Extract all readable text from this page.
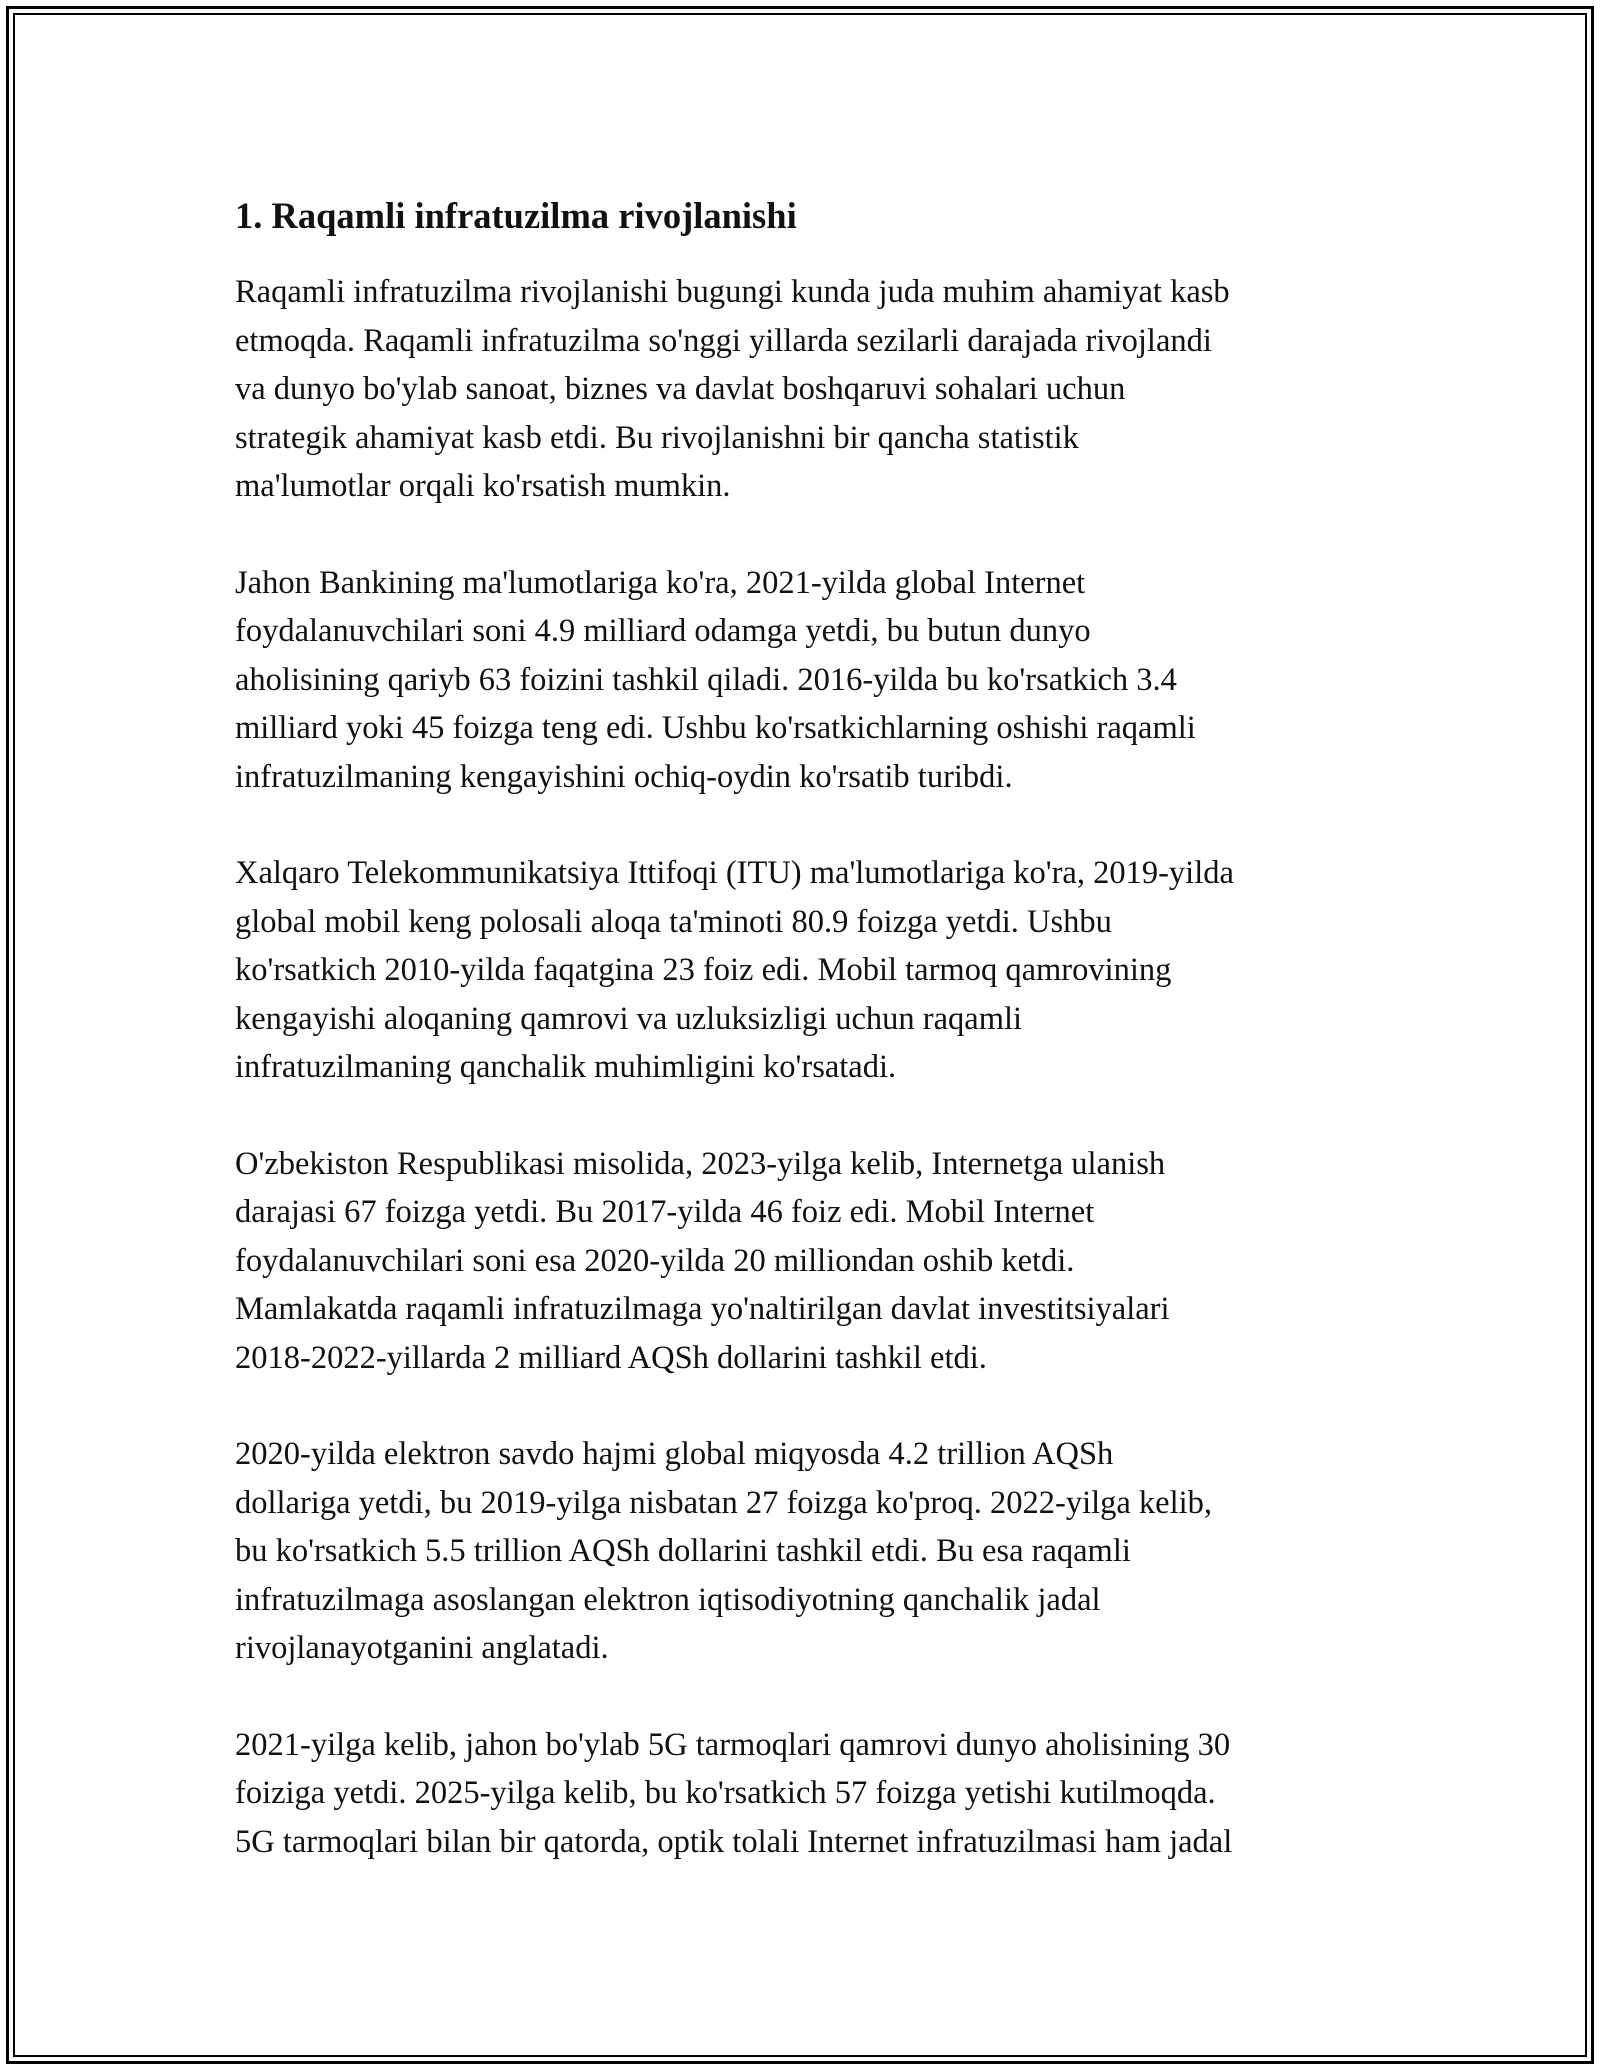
1. Raqamli infratuzilma rivojlanishi

Raqamli infratuzilma rivojlanishi bugungi kunda juda muhim ahamiyat kasb
etmoqda. Raqamli infratuzilma so'nggi yillarda sezilarli darajada rivojlandi
va dunyo bo'ylab sanoat, biznes va davlat boshqaruvi sohalari uchun
strategik ahamiyat kasb etdi. Bu rivojlanishni bir qancha statistik
ma'lumotlar orqali ko'rsatish mumkin.

Jahon Bankining ma'lumotlariga ko'ra, 2021-yilda global Internet
foydalanuvchilari soni 4.9 milliard odamga yetdi, bu butun dunyo
aholisining qariyb 63 foizini tashkil qiladi. 2016-yilda bu ko'rsatkich 3.4
milliard yoki 45 foizga teng edi. Ushbu ko'rsatkichlarning oshishi raqamli
infratuzilmaning kengayishini ochiq-oydin ko'rsatib turibdi.

Xalqaro Telekommunikatsiya Ittifoqi (ITU) ma'lumotlariga ko'ra, 2019-yilda
global mobil keng polosali aloqa ta'minoti 80.9 foizga yetdi. Ushbu
ko'rsatkich 2010-yilda faqatgina 23 foiz edi. Mobil tarmoq qamrovining
kengayishi aloqaning qamrovi va uzluksizligi uchun raqamli
infratuzilmaning qanchalik muhimligini ko'rsatadi.

O'zbekiston Respublikasi misolida, 2023-yilga kelib, Internetga ulanish
darajasi 67 foizga yetdi. Bu 2017-yilda 46 foiz edi. Mobil Internet
foydalanuvchilari soni esa 2020-yilda 20 milliondan oshib ketdi.
Mamlakatda raqamli infratuzilmaga yo'naltirilgan davlat investitsiyalari
2018-2022-yillarda 2 milliard AQSh dollarini tashkil etdi.

2020-yilda elektron savdo hajmi global miqyosda 4.2 trillion AQSh
dollariga yetdi, bu 2019-yilga nisbatan 27 foizga ko'proq. 2022-yilga kelib,
bu ko'rsatkich 5.5 trillion AQSh dollarini tashkil etdi. Bu esa raqamli
infratuzilmaga asoslangan elektron iqtisodiyotning qanchalik jadal
rivojlanayotganini anglatadi.

2021-yilga kelib, jahon bo'ylab 5G tarmoqlari qamrovi dunyo aholisining 30
foiziga yetdi. 2025-yilga kelib, bu ko'rsatkich 57 foizga yetishi kutilmoqda.
5G tarmoqlari bilan bir qatorda, optik tolali Internet infratuzilmasi ham jadal
